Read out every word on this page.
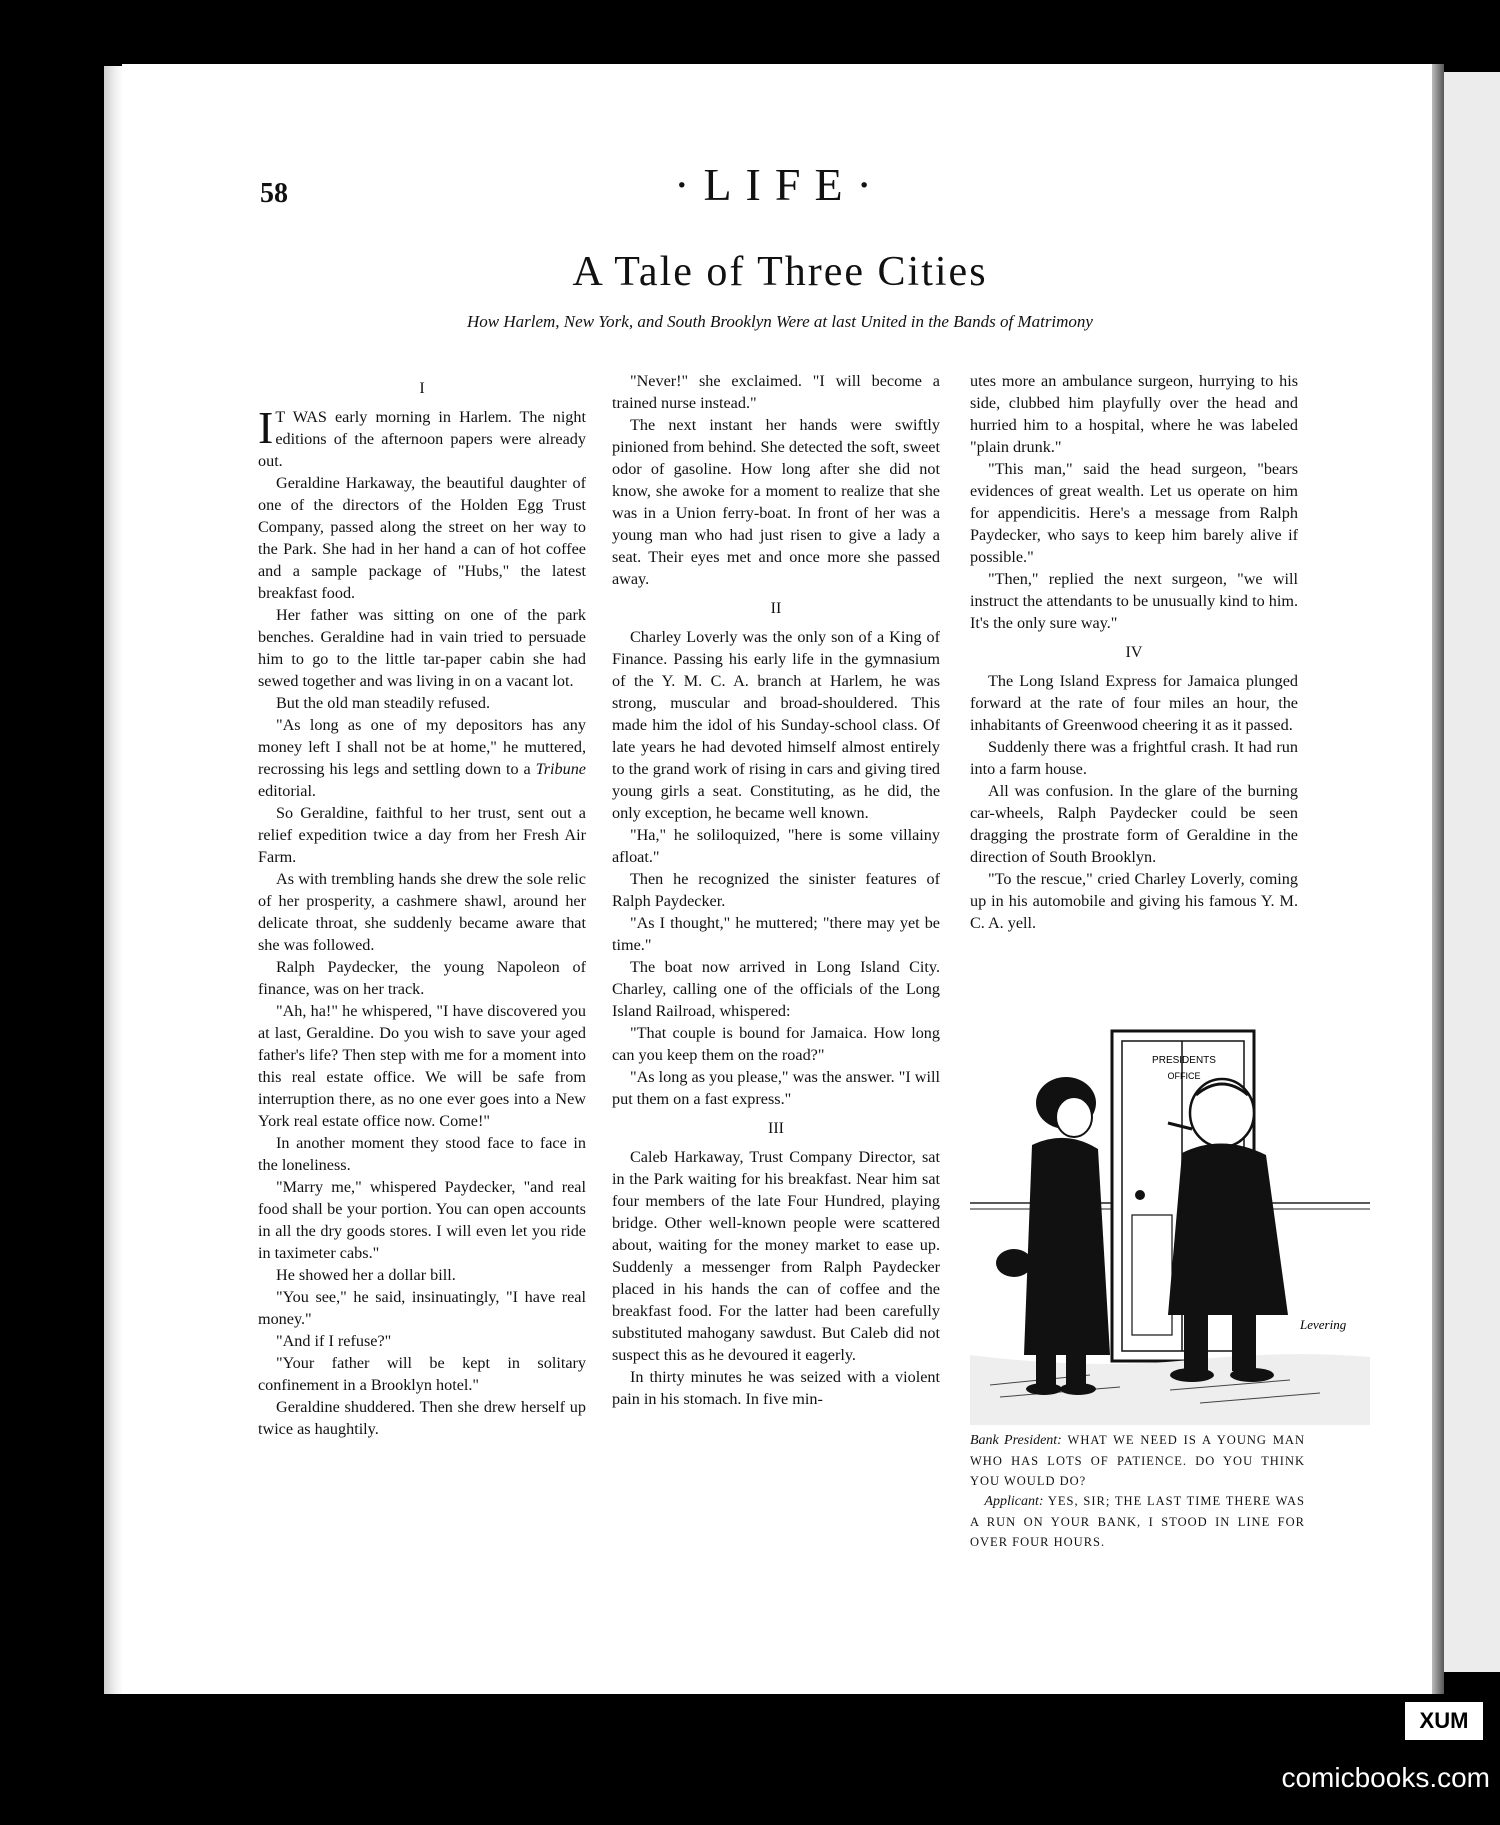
58	·LIFE·
A Tale of Three Cities
How Harlem, New York, and South Brooklyn Were at last United in the Bands of Matrimony

I

I T WAS early morning in Harlem. The night editions of the afternoon papers were already out.

Geraldine Harkaway, the beautiful daughter of one of the directors of the Holden Egg Trust Company, passed along the street on her way to the Park. She had in her hand a can of hot coffee and a sample package of "Hubs," the latest breakfast food.

Her father was sitting on one of the park benches. Geraldine had in vain tried to persuade him to go to the little tar-paper cabin she had sewed together and was living in on a vacant lot.

But the old man steadily refused.

"As long as one of my depositors has any money left I shall not be at home," he muttered, recrossing his legs and settling down to a Tribune editorial.

So Geraldine, faithful to her trust, sent out a relief expedition twice a day from her Fresh Air Farm.

As with trembling hands she drew the sole relic of her prosperity, a cashmere shawl, around her delicate throat, she suddenly became aware that she was followed.

Ralph Paydecker, the young Napoleon of finance, was on her track.

"Ah, ha!" he whispered, "I have discovered you at last, Geraldine. Do you wish to save your aged father's life? Then step with me for a moment into this real estate office. We will be safe from interruption there, as no one ever goes into a New York real estate office now. Come!"

In another moment they stood face to face in the loneliness.

"Marry me," whispered Paydecker, "and real food shall be your portion. You can open accounts in all the dry goods stores. I will even let you ride in taximeter cabs."

He showed her a dollar bill.

"You see," he said, insinuatingly, "I have real money."

"And if I refuse?"

"Your father will be kept in solitary confinement in a Brooklyn hotel."

Geraldine shuddered. Then she drew herself up twice as haughtily.

"Never!" she exclaimed. "I will become a trained nurse instead."

The next instant her hands were swiftly pinioned from behind. She detected the soft, sweet odor of gasoline. How long after she did not know, she awoke for a moment to realize that she was in a Union ferry-boat. In front of her was a young man who had just risen to give a lady a seat. Their eyes met and once more she passed away.

II

Charley Loverly was the only son of a King of Finance. Passing his early life in the gymnasium of the Y. M. C. A. branch at Harlem, he was strong, muscular and broad-shouldered. This made him the idol of his Sunday-school class. Of late years he had devoted himself almost entirely to the grand work of rising in cars and giving tired young girls a seat. Constituting, as he did, the only exception, he became well known.

"Ha," he soliloquized, "here is some villainy afloat."

Then he recognized the sinister features of Ralph Paydecker.

"As I thought," he muttered; "there may yet be time."

The boat now arrived in Long Island City. Charley, calling one of the officials of the Long Island Railroad, whispered:

"That couple is bound for Jamaica. How long can you keep them on the road?"

"As long as you please," was the answer. "I will put them on a fast express."

III

Caleb Harkaway, Trust Company Director, sat in the Park waiting for his breakfast. Near him sat four members of the late Four Hundred, playing bridge. Other well-known people were scattered about, waiting for the money market to ease up. Suddenly a messenger from Ralph Paydecker placed in his hands the can of coffee and the breakfast food. For the latter had been carefully substituted mahogany sawdust. But Caleb did not suspect this as he devoured it eagerly.

In thirty minutes he was seized with a violent pain in his stomach. In five min-

utes more an ambulance surgeon, hurrying to his side, clubbed him playfully over the head and hurried him to a hospital, where he was labeled "plain drunk."

"This man," said the head surgeon, "bears evidences of great wealth. Let us operate on him for appendicitis. Here's a message from Ralph Paydecker, who says to keep him barely alive if possible."

"Then," replied the next surgeon, "we will instruct the attendants to be unusually kind to him. It's the only sure way."

IV

The Long Island Express for Jamaica plunged forward at the rate of four miles an hour, the inhabitants of Greenwood cheering it as it passed.

Suddenly there was a frightful crash. It had run into a farm house.

All was confusion. In the glare of the burning car-wheels, Ralph Paydecker could be seen dragging the prostrate form of Geraldine in the direction of South Brooklyn.

"To the rescue," cried Charley Loverly, coming up in his automobile and giving his famous Y. M. C. A. yell.

PRESIDENTS
OFFICE
Levering
Bank President: WHAT WE NEED IS A YOUNG MAN WHO HAS LOTS OF PATIENCE. DO YOU THINK YOU WOULD DO?
Applicant: YES, SIR; THE LAST TIME THERE WAS A RUN ON YOUR BANK, I STOOD IN LINE FOR OVER FOUR HOURS.
XUM
comicbooks.com
